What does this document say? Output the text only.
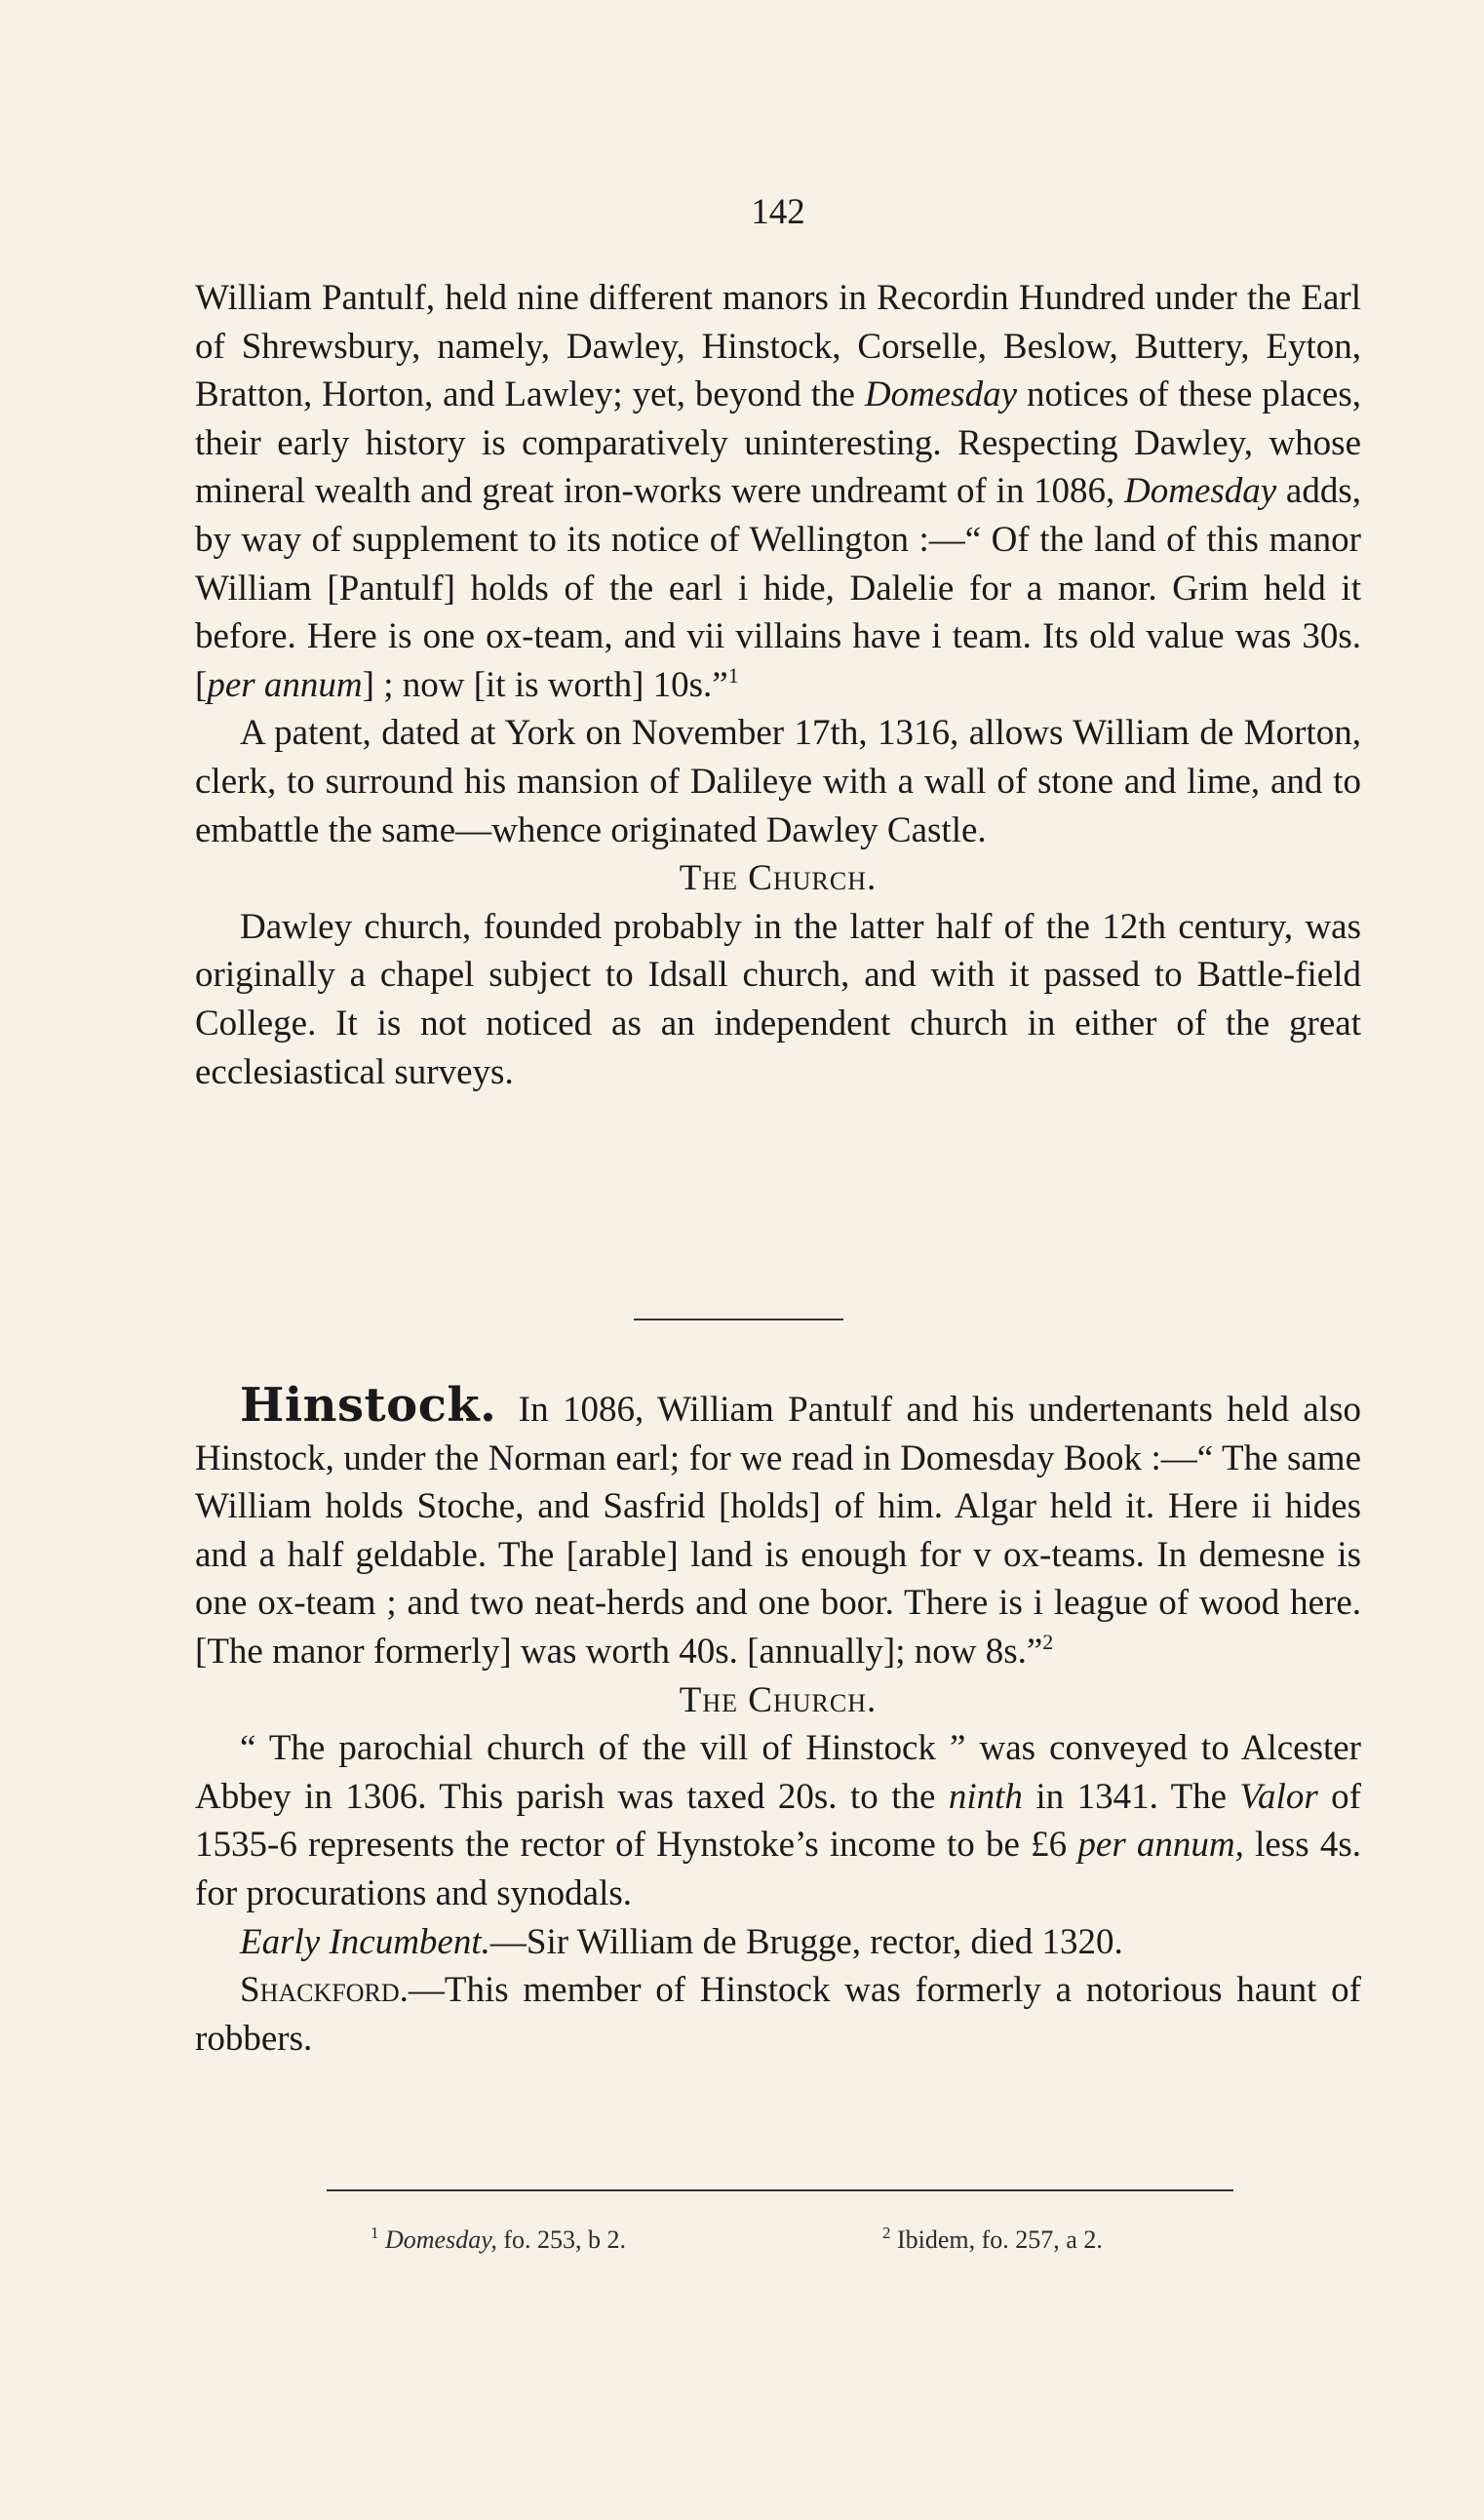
142

William Pantulf, held nine different manors in Recordin Hundred under the Earl of Shrewsbury, namely, Dawley, Hinstock, Corselle, Beslow, Buttery, Eyton, Bratton, Horton, and Lawley; yet, beyond the Domesday notices of these places, their early history is comparatively uninteresting. Respecting Dawley, whose mineral wealth and great iron-works were undreamt of in 1086, Domesday adds, by way of supplement to its notice of Wellington :—“ Of the land of this manor William [Pantulf] holds of the earl i hide, Dalelie for a manor. Grim held it before. Here is one ox-team, and vii villains have i team. Its old value was 30s. [per annum] ; now [it is worth] 10s.”$^1$

A patent, dated at York on November 17th, 1316, allows William de Morton, clerk, to surround his mansion of Dalileye with a wall of stone and lime, and to embattle the same—whence originated Dawley Castle.

The Church.

Dawley church, founded probably in the latter half of the 12th century, was originally a chapel subject to Idsall church, and with it passed to Battle-field College. It is not noticed as an independent church in either of the great ecclesiastical surveys.

Hinstock. In 1086, William Pantulf and his undertenants held also Hinstock, under the Norman earl; for we read in Domesday Book :—“ The same William holds Stoche, and Sasfrid [holds] of him. Algar held it. Here ii hides and a half geldable. The [arable] land is enough for v ox-teams. In demesne is one ox-team ; and two neat-herds and one boor. There is i league of wood here. [The manor formerly] was worth 40s. [annually]; now 8s.”$^2$

The Church.

“ The parochial church of the vill of Hinstock ” was conveyed to Alcester Abbey in 1306. This parish was taxed 20s. to the ninth in 1341. The Valor of 1535-6 represents the rector of Hynstoke’s income to be £6 per annum, less 4s. for procurations and synodals.

Early Incumbent.—Sir William de Brugge, rector, died 1320.

Shackford.—This member of Hinstock was formerly a notorious haunt of robbers.

$^1$ Domesday, fo. 253, b 2.	$^2$ Ibidem, fo. 257, a 2.
